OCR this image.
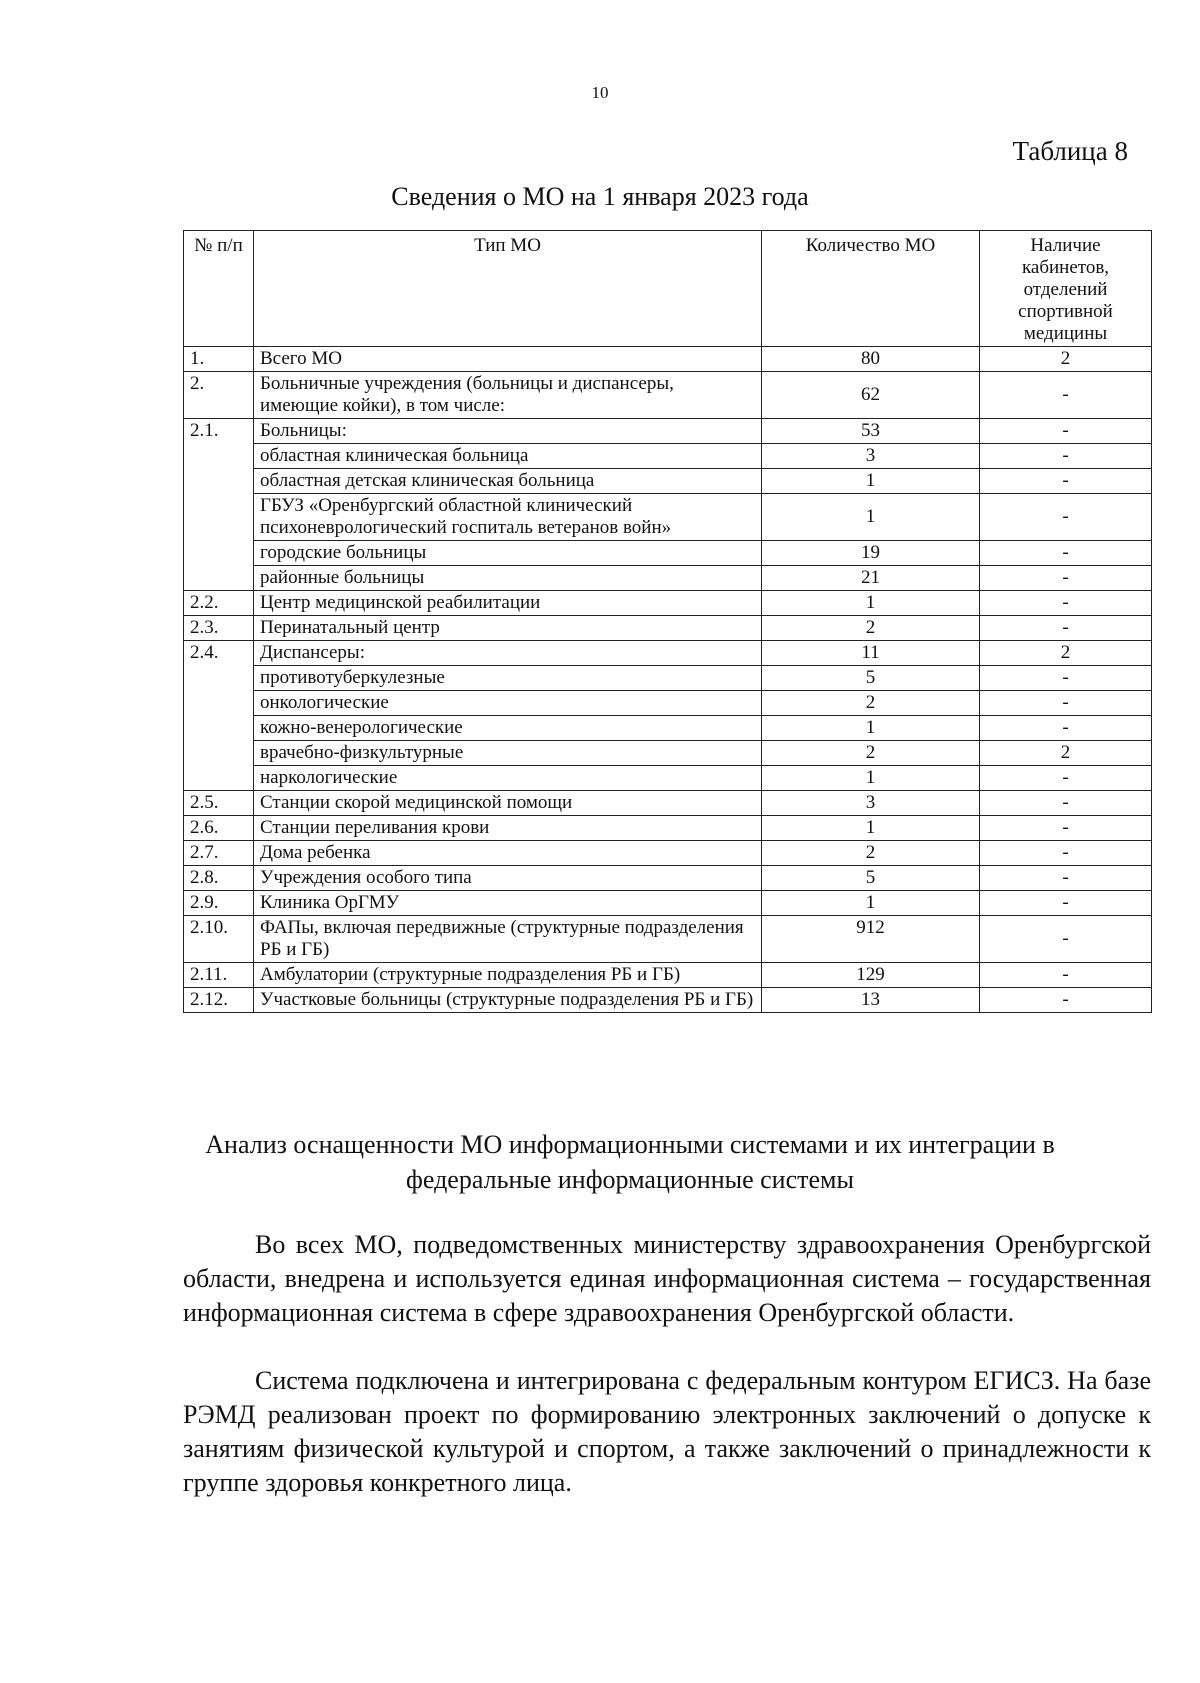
10
Таблица 8
Сведения о МО на 1 января 2023 года
№ п/п	Тип МО	Количество МО	Наличие кабинетов, отделений спортивной медицины
1.	Всего МО	80	2
2.	Больничные учреждения (больницы и диспансеры, имеющие койки), в том числе:	62	-
2.1.	Больницы:	53	-
	областная клиническая больница	3	-
	областная детская клиническая больница	1	-
	ГБУЗ «Оренбургский областной клинический психоневрологический госпиталь ветеранов войн»	1	-
	городские больницы	19	-
	районные больницы	21	-
2.2.	Центр медицинской реабилитации	1	-
2.3.	Перинатальный центр	2	-
2.4.	Диспансеры:	11	2
	противотуберкулезные	5	-
	онкологические	2	-
	кожно-венерологические	1	-
	врачебно-физкультурные	2	2
	наркологические	1	-
2.5.	Станции скорой медицинской помощи	3	-
2.6.	Станции переливания крови	1	-
2.7.	Дома ребенка	2	-
2.8.	Учреждения особого типа	5	-
2.9.	Клиника ОрГМУ	1	-
2.10.	ФАПы, включая передвижные (структурные подразделения РБ и ГБ)	912	-
2.11.	Амбулатории (структурные подразделения РБ и ГБ)	129	-
2.12.	Участковые больницы (структурные подразделения РБ и ГБ)	13	-
Анализ оснащенности МО информационными системами и их интеграции в федеральные информационные системы
Во всех МО, подведомственных министерству здравоохранения Оренбургской области, внедрена и используется единая информационная система – государственная информационная система в сфере здравоохранения Оренбургской области.
Система подключена и интегрирована с федеральным контуром ЕГИСЗ. На базе РЭМД реализован проект по формированию электронных заключений о допуске к занятиям физической культурой и спортом, а также заключений о принадлежности к группе здоровья конкретного лица.
